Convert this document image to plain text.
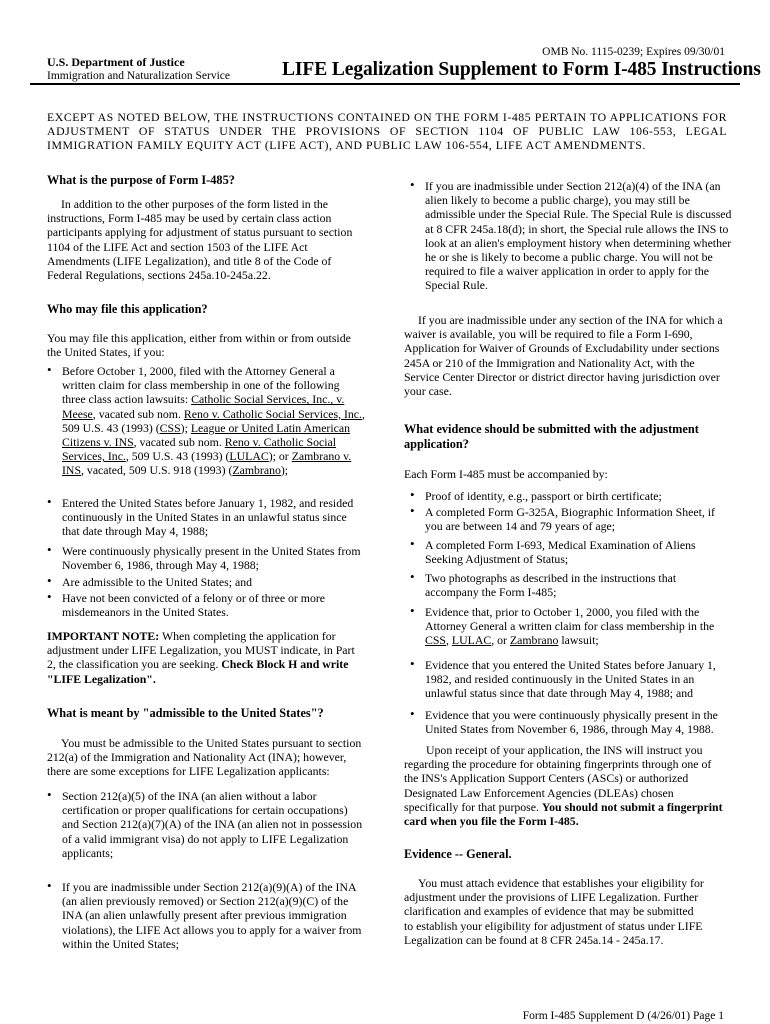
U.S. Department of Justice
Immigration and Naturalization Service
OMB No. 1115-0239; Expires 09/30/01
LIFE Legalization Supplement to Form I-485 Instructions
EXCEPT AS NOTED BELOW, THE INSTRUCTIONS CONTAINED ON THE FORM I-485 PERTAIN TO APPLICATIONS FOR ADJUSTMENT OF STATUS UNDER THE PROVISIONS OF SECTION 1104 OF PUBLIC LAW 106-553, LEGAL IMMIGRATION FAMILY EQUITY ACT (LIFE ACT), AND PUBLIC LAW 106-554, LIFE ACT AMENDMENTS.
What is the purpose of Form I-485?
In addition to the other purposes of the form listed in the instructions, Form I-485 may be used by certain class action participants applying for adjustment of status pursuant to section 1104 of the LIFE Act and section 1503 of the LIFE Act Amendments (LIFE Legalization), and title 8 of the Code of Federal Regulations, sections 245a.10-245a.22.
Who may file this application?
You may file this application, either from within or from outside the United States, if you:
• Before October 1, 2000, filed with the Attorney General a written claim for class membership in one of the following three class action lawsuits: Catholic Social Services, Inc., v. Meese, vacated sub nom. Reno v. Catholic Social Services, Inc., 509 U.S. 43 (1993) (CSS); League or United Latin American Citizens v. INS, vacated sub nom. Reno v. Catholic Social Services, Inc., 509 U.S. 43 (1993) (LULAC); or Zambrano v. INS, vacated, 509 U.S. 918 (1993) (Zambrano);
• Entered the United States before January 1, 1982, and resided continuously in the United States in an unlawful status since that date through May 4, 1988;
• Were continuously physically present in the United States from November 6, 1986, through May 4, 1988;
• Are admissible to the United States; and
• Have not been convicted of a felony or of three or more misdemeanors in the United States.
IMPORTANT NOTE: When completing the application for adjustment under LIFE Legalization, you MUST indicate, in Part 2, the classification you are seeking. Check Block H and write "LIFE Legalization".
What is meant by "admissible to the United States"?
You must be admissible to the United States pursuant to section 212(a) of the Immigration and Nationality Act (INA); however, there are some exceptions for LIFE Legalization applicants:
• Section 212(a)(5) of the INA (an alien without a labor certification or proper qualifications for certain occupations) and Section 212(a)(7)(A) of the INA (an alien not in possession of a valid immigrant visa) do not apply to LIFE Legalization applicants;
• If you are inadmissible under Section 212(a)(9)(A) of the INA (an alien previously removed) or Section 212(a)(9)(C) of the INA (an alien unlawfully present after previous immigration violations), the LIFE Act allows you to apply for a waiver from within the United States;
• If you are inadmissible under Section 212(a)(4) of the INA (an alien likely to become a public charge), you may still be admissible under the Special Rule. The Special Rule is discussed at 8 CFR 245a.18(d); in short, the Special rule allows the INS to look at an alien's employment history when determining whether he or she is likely to become a public charge. You will not be required to file a waiver application in order to apply for the Special Rule.
If you are inadmissible under any section of the INA for which a waiver is available, you will be required to file a Form I-690, Application for Waiver of Grounds of Excludability under sections 245A or 210 of the Immigration and Nationality Act, with the Service Center Director or district director having jurisdiction over your case.
What evidence should be submitted with the adjustment application?
Each Form I-485 must be accompanied by:
• Proof of identity, e.g., passport or birth certificate;
• A completed Form G-325A, Biographic Information Sheet, if you are between 14 and 79 years of age;
• A completed Form I-693, Medical Examination of Aliens Seeking Adjustment of Status;
• Two photographs as described in the instructions that accompany the Form I-485;
• Evidence that, prior to October 1, 2000, you filed with the Attorney General a written claim for class membership in the CSS, LULAC, or Zambrano lawsuit;
• Evidence that you entered the United States before January 1, 1982, and resided continuously in the United States in an unlawful status since that date through May 4, 1988; and
• Evidence that you were continuously physically present in the United States from November 6, 1986, through May 4, 1988.
Upon receipt of your application, the INS will instruct you regarding the procedure for obtaining fingerprints through one of the INS's Application Support Centers (ASCs) or authorized Designated Law Enforcement Agencies (DLEAs) chosen specifically for that purpose. You should not submit a fingerprint card when you file the Form I-485.
Evidence -- General.
You must attach evidence that establishes your eligibility for adjustment under the provisions of LIFE Legalization. Further clarification and examples of evidence that may be submitted to establish your eligibility for adjustment of status under LIFE Legalization can be found at 8 CFR 245a.14 - 245a.17.
Form I-485 Supplement D (4/26/01) Page 1
